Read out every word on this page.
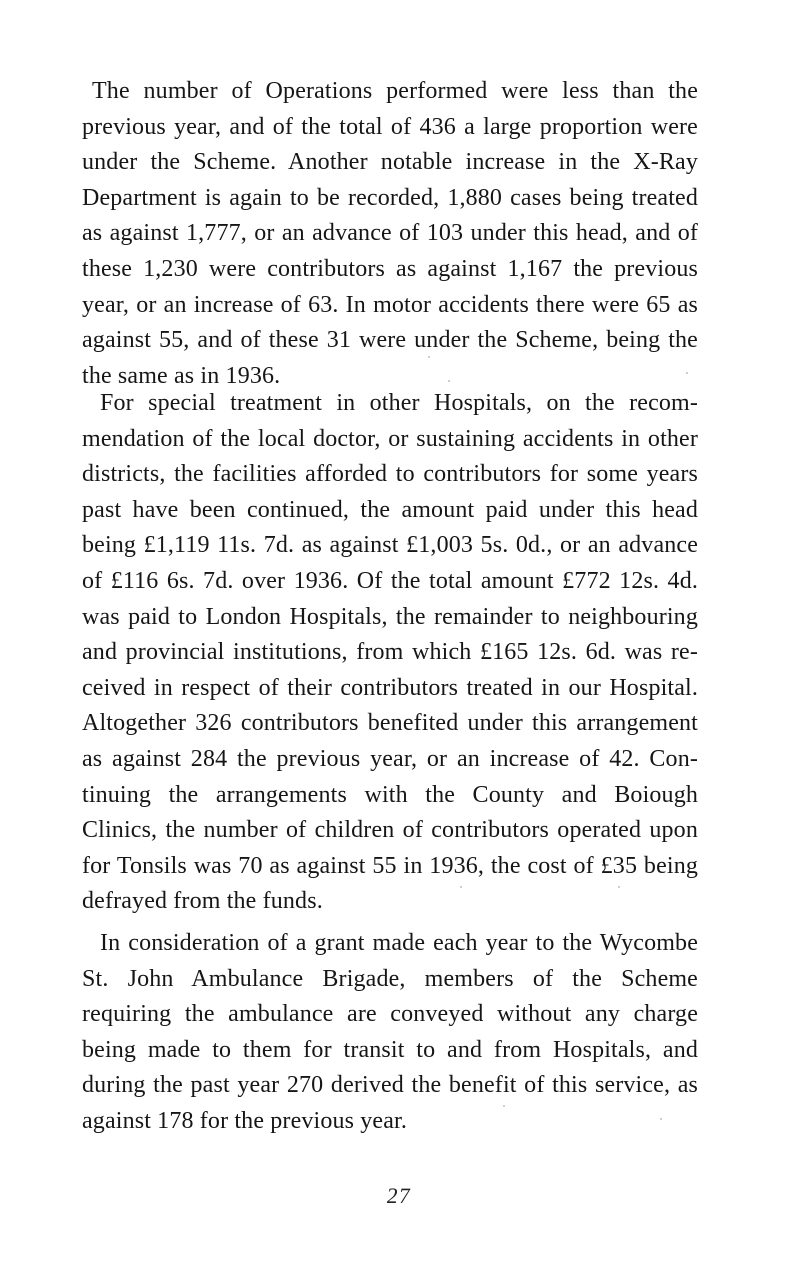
The number of Operations performed were less than the previous year, and of the total of 436 a large proportion were under the Scheme. Another notable increase in the X-Ray Department is again to be recorded, 1,880 cases being treated as against 1,777, or an advance of 103 under this head, and of these 1,230 were contributors as against 1,167 the previous year, or an increase of 63. In motor accidents there were 65 as against 55, and of these 31 were under the Scheme, being the the same as in 1936.

For special treatment in other Hospitals, on the recom- mendation of the local doctor, or sustaining accidents in other districts, the facilities afforded to contributors for some years past have been continued, the amount paid under this head being £1,119 11s. 7d. as against £1,003 5s. 0d., or an advance of £116 6s. 7d. over 1936. Of the total amount £772 12s. 4d. was paid to London Hospitals, the remainder to neighbouring and provincial institutions, from which £165 12s. 6d. was re- ceived in respect of their contributors treated in our Hospital. Altogether 326 contributors benefited under this arrangement as against 284 the previous year, or an increase of 42. Con- tinuing the arrangements with the County and Boiough Clinics, the number of children of contributors operated upon for Tonsils was 70 as against 55 in 1936, the cost of £35 being defrayed from the funds.

In consideration of a grant made each year to the Wycombe St. John Ambulance Brigade, members of the Scheme requiring the ambulance are conveyed without any charge being made to them for transit to and from Hospitals, and during the past year 270 derived the benefit of this service, as against 178 for the previous year.

27
